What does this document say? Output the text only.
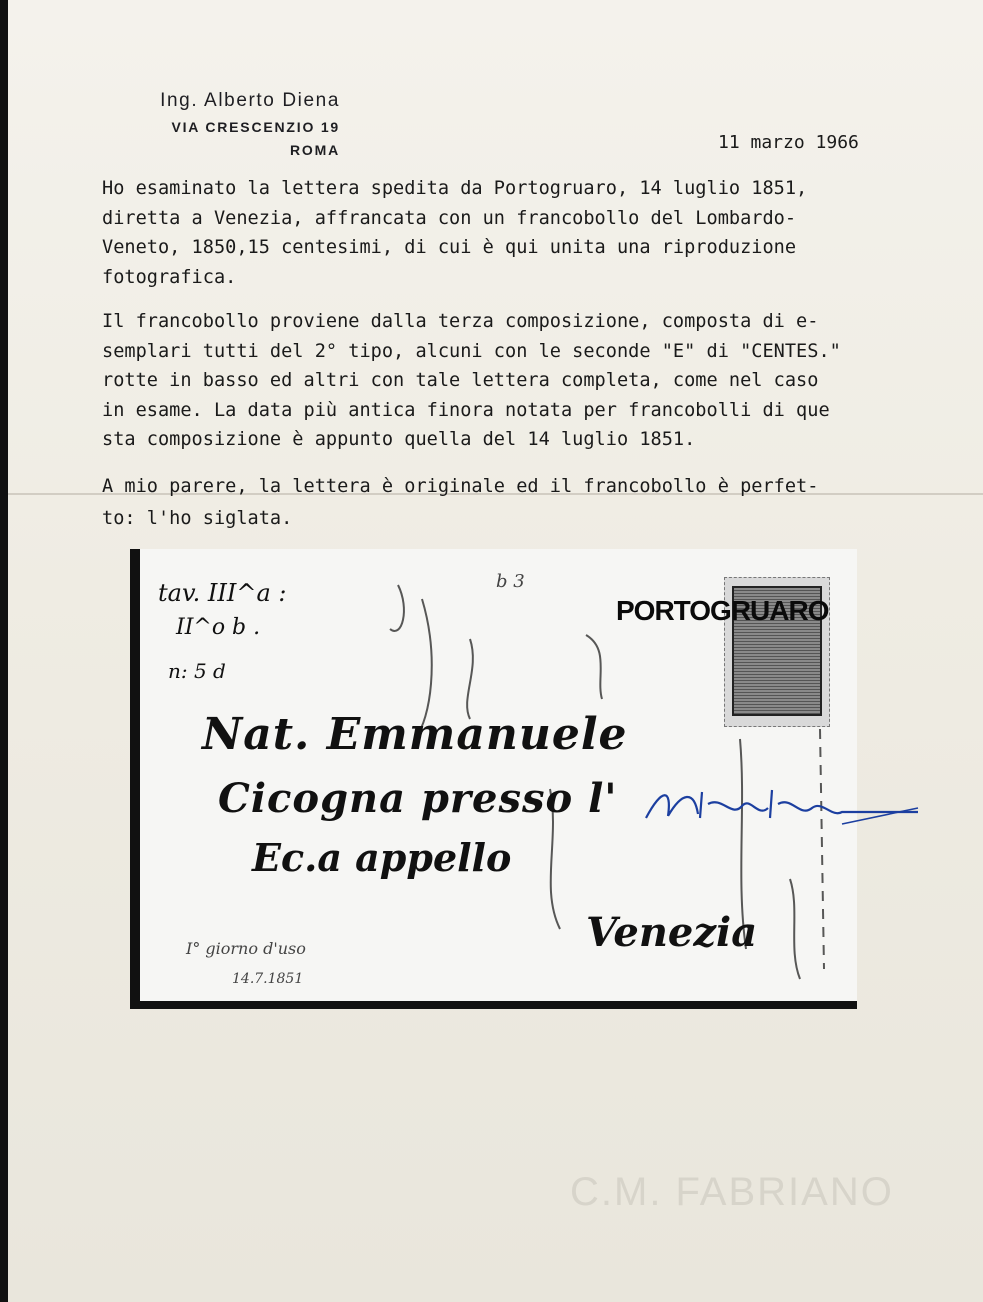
Ing. Alberto Diena
VIA CRESCENZIO 19
ROMA	11 marzo 1966
Ho esaminato la lettera spedita da Portogruaro, 14 luglio 1851,
diretta a Venezia, affrancata con un francobollo del Lombardo-
Veneto, 1850,15 centesimi, di cui è qui unita una riproduzione
fotografica.
Il francobollo proviene dalla terza composizione, composta di e-
semplari tutti del 2° tipo, alcuni con le seconde "E" di "CENTES."
rotte in basso ed altri con tale lettera completa, come nel caso
in esame. La data più antica finora notata per francobolli di que
sta composizione è appunto quella del 14 luglio 1851.
A mio parere, la lettera è originale ed il francobollo è perfet-
to: l'ho siglata.
tav. III^a :
II^o b .
n: 5 d
b 3
Nat. Emmanuele
Cicogna presso l'
Ec.a appello
Venezia
I° giorno d'uso
14.7.1851
PORTOGRUARO
C.M. FABRIANO
